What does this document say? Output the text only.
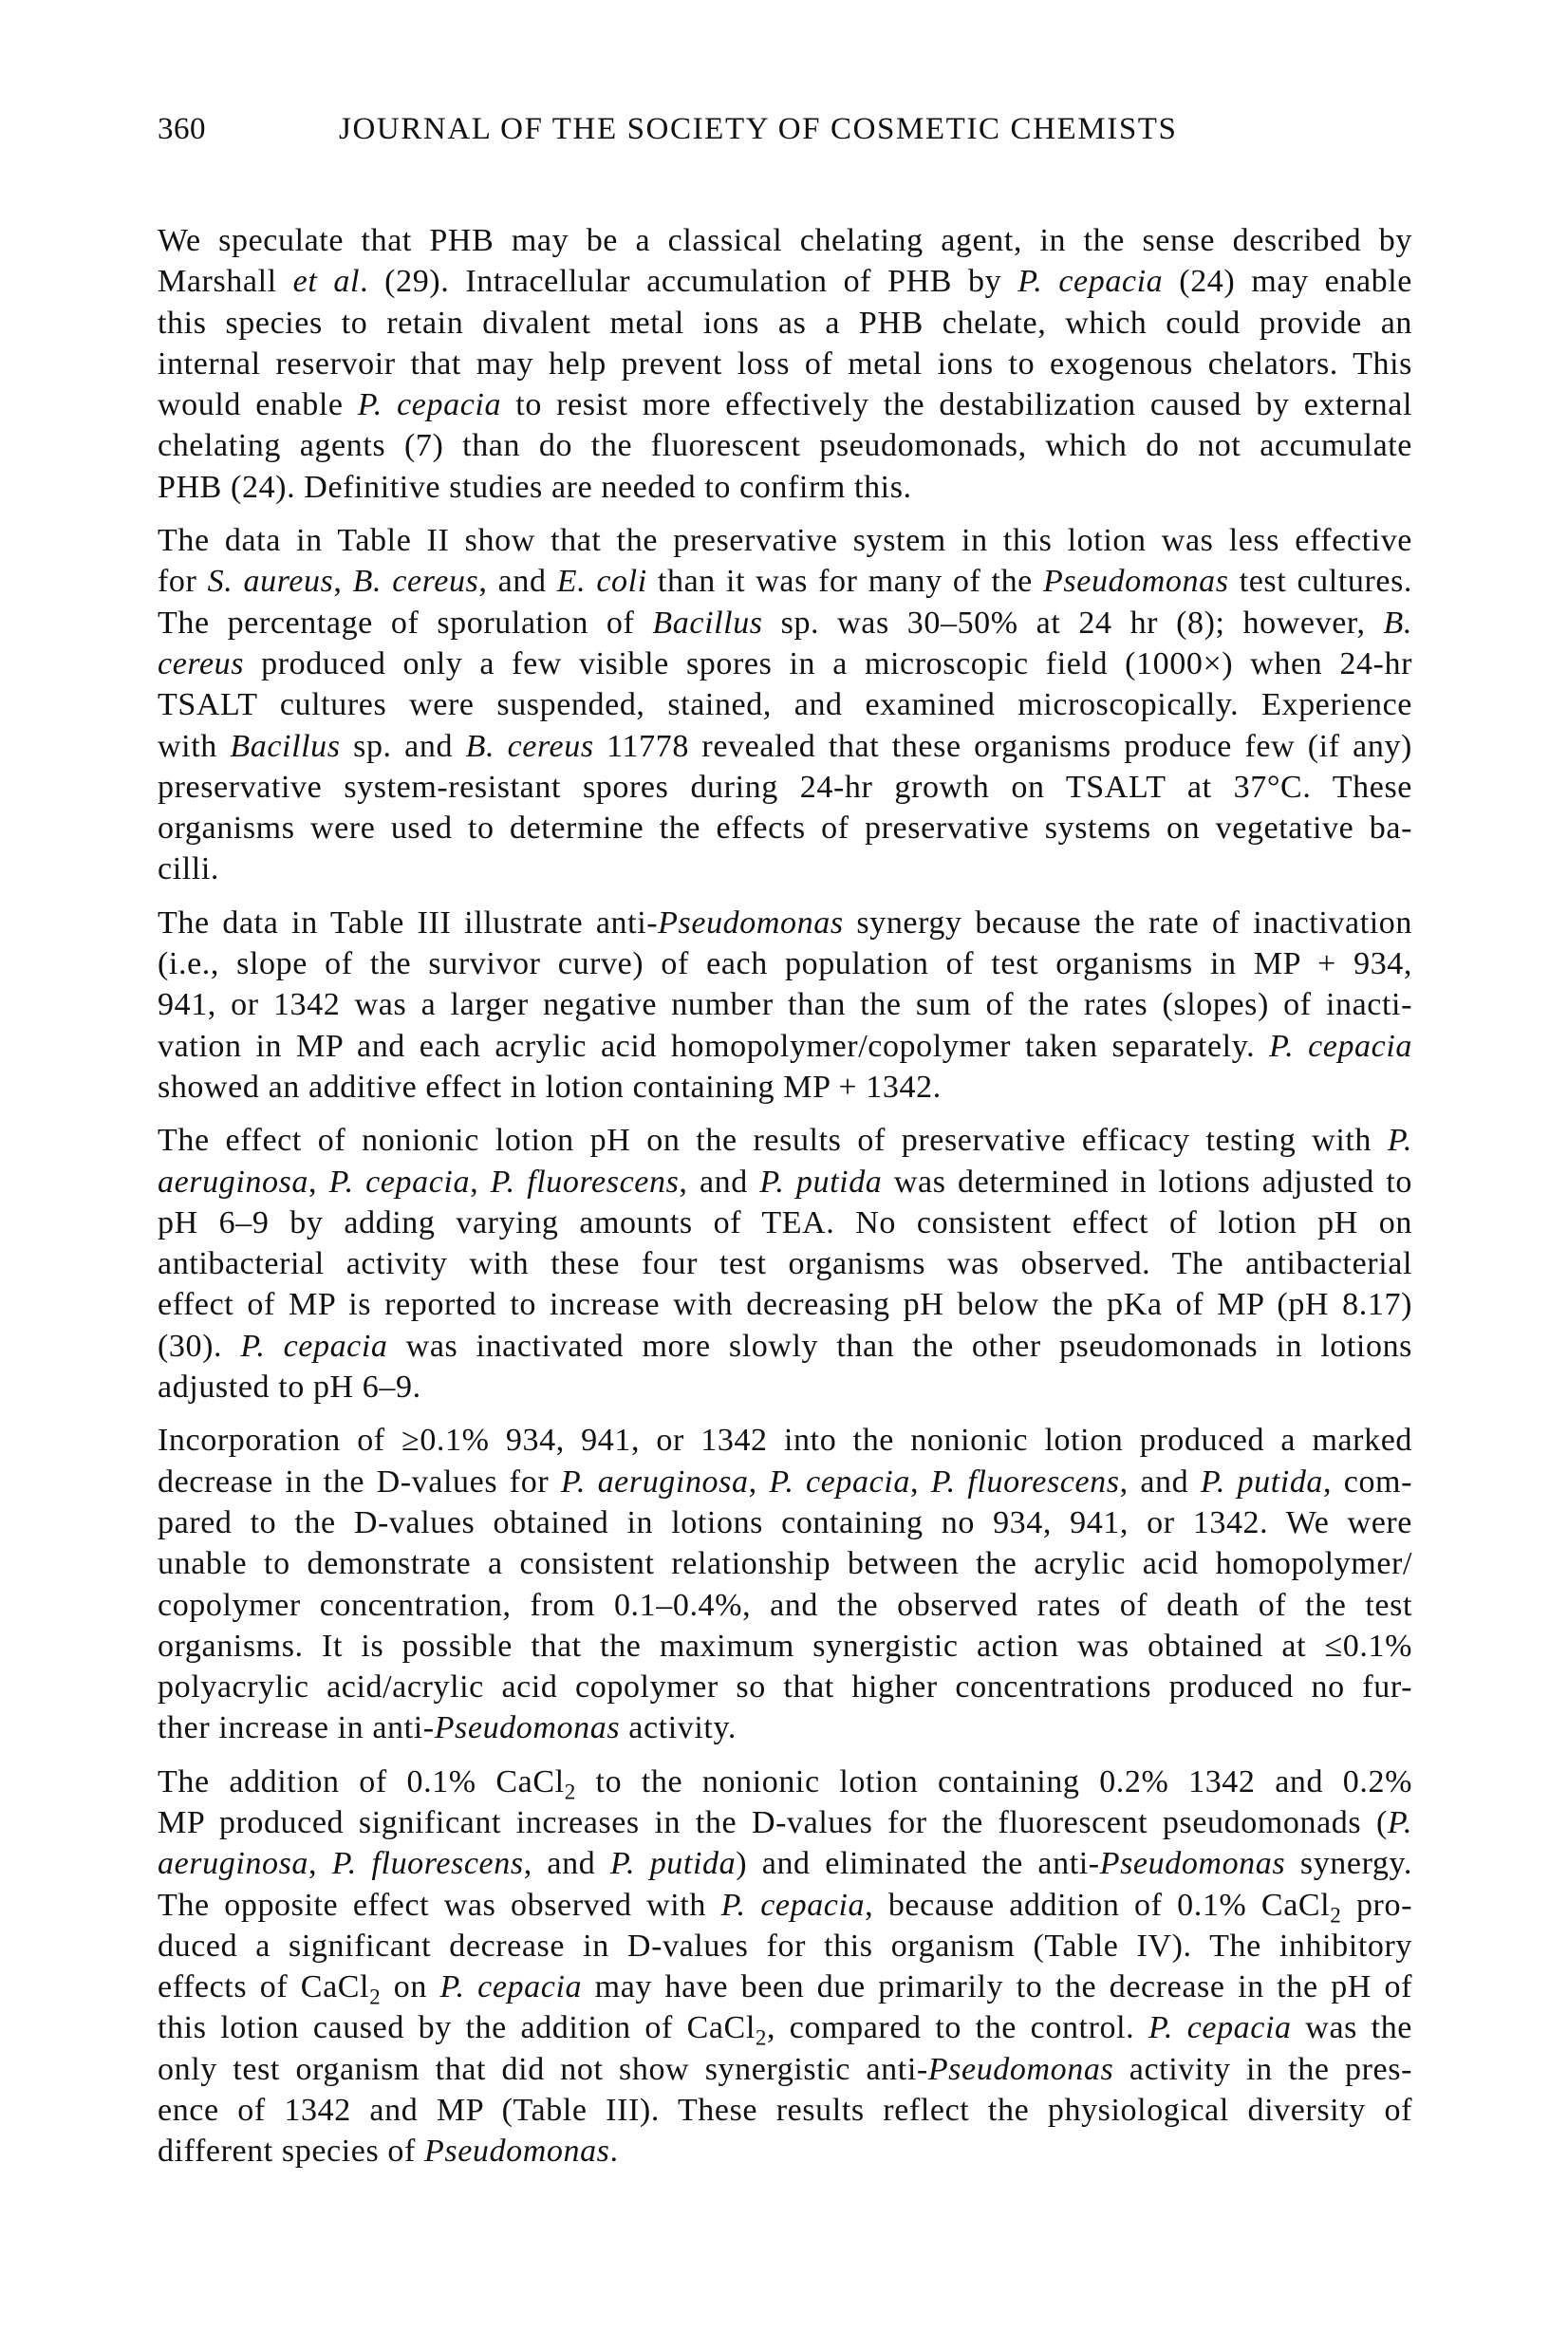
360	JOURNAL OF THE SOCIETY OF COSMETIC CHEMISTS
We speculate that PHB may be a classical chelating agent, in the sense described by
Marshall et al. (29). Intracellular accumulation of PHB by P. cepacia (24) may enable
this species to retain divalent metal ions as a PHB chelate, which could provide an
internal reservoir that may help prevent loss of metal ions to exogenous chelators. This
would enable P. cepacia to resist more effectively the destabilization caused by external
chelating agents (7) than do the fluorescent pseudomonads, which do not accumulate
PHB (24). Definitive studies are needed to confirm this.
The data in Table II show that the preservative system in this lotion was less effective
for S. aureus, B. cereus, and E. coli than it was for many of the Pseudomonas test cultures.
The percentage of sporulation of Bacillus sp. was 30–50% at 24 hr (8); however, B.
cereus produced only a few visible spores in a microscopic field (1000×) when 24-hr
TSALT cultures were suspended, stained, and examined microscopically. Experience
with Bacillus sp. and B. cereus 11778 revealed that these organisms produce few (if any)
preservative system-resistant spores during 24-hr growth on TSALT at 37°C. These
organisms were used to determine the effects of preservative systems on vegetative ba-
cilli.
The data in Table III illustrate anti-Pseudomonas synergy because the rate of inactivation
(i.e., slope of the survivor curve) of each population of test organisms in MP + 934,
941, or 1342 was a larger negative number than the sum of the rates (slopes) of inacti-
vation in MP and each acrylic acid homopolymer/copolymer taken separately. P. cepacia
showed an additive effect in lotion containing MP + 1342.
The effect of nonionic lotion pH on the results of preservative efficacy testing with P.
aeruginosa, P. cepacia, P. fluorescens, and P. putida was determined in lotions adjusted to
pH 6–9 by adding varying amounts of TEA. No consistent effect of lotion pH on
antibacterial activity with these four test organisms was observed. The antibacterial
effect of MP is reported to increase with decreasing pH below the pKa of MP (pH 8.17)
(30). P. cepacia was inactivated more slowly than the other pseudomonads in lotions
adjusted to pH 6–9.
Incorporation of ≥0.1% 934, 941, or 1342 into the nonionic lotion produced a marked
decrease in the D-values for P. aeruginosa, P. cepacia, P. fluorescens, and P. putida, com-
pared to the D-values obtained in lotions containing no 934, 941, or 1342. We were
unable to demonstrate a consistent relationship between the acrylic acid homopolymer/
copolymer concentration, from 0.1–0.4%, and the observed rates of death of the test
organisms. It is possible that the maximum synergistic action was obtained at ≤0.1%
polyacrylic acid/acrylic acid copolymer so that higher concentrations produced no fur-
ther increase in anti-Pseudomonas activity.
The addition of 0.1% CaCl$_2$ to the nonionic lotion containing 0.2% 1342 and 0.2%
MP produced significant increases in the D-values for the fluorescent pseudomonads (P.
aeruginosa, P. fluorescens, and P. putida) and eliminated the anti-Pseudomonas synergy.
The opposite effect was observed with P. cepacia, because addition of 0.1% CaCl$_2$ pro-
duced a significant decrease in D-values for this organism (Table IV). The inhibitory
effects of CaCl$_2$ on P. cepacia may have been due primarily to the decrease in the pH of
this lotion caused by the addition of CaCl$_2$, compared to the control. P. cepacia was the
only test organism that did not show synergistic anti-Pseudomonas activity in the pres-
ence of 1342 and MP (Table III). These results reflect the physiological diversity of
different species of Pseudomonas.
